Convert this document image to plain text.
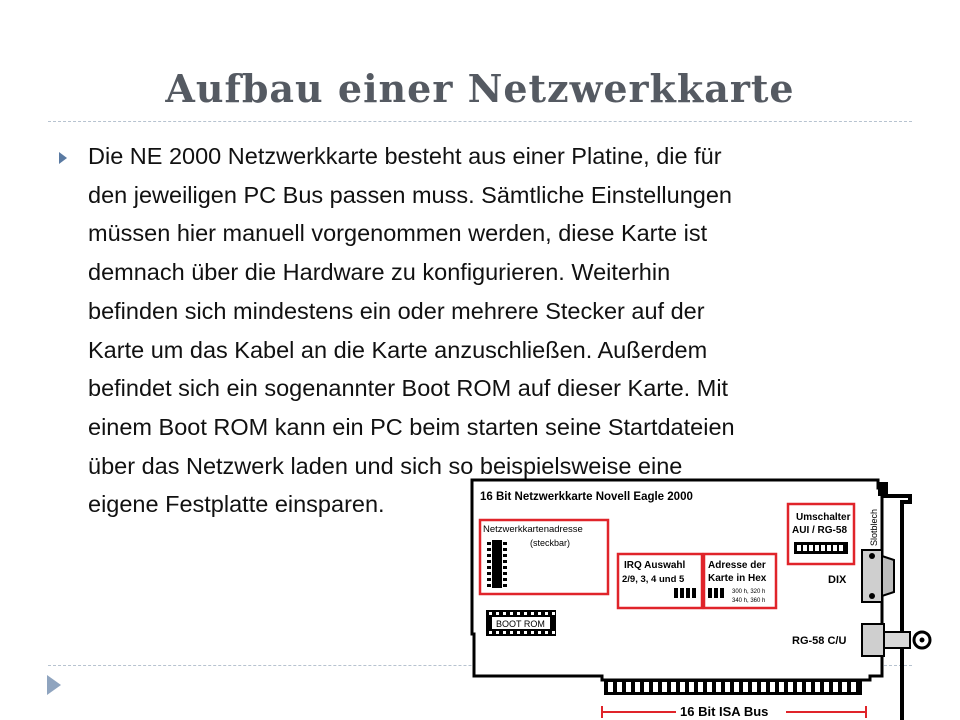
Aufbau einer Netzwerkkarte
Die NE 2000 Netzwerkkarte besteht aus einer Platine, die für
den jeweiligen PC Bus passen muss. Sämtliche Einstellungen
müssen hier manuell vorgenommen werden, diese Karte ist
demnach über die Hardware zu konfigurieren. Weiterhin
befinden sich mindestens ein oder mehrere Stecker auf der
Karte um das Kabel an die Karte anzuschließen. Außerdem
befindet sich ein sogenannter Boot ROM auf dieser Karte. Mit
einem Boot ROM kann ein PC beim starten seine Startdateien
über das Netzwerk laden und sich so beispielsweise eine
eigene Festplatte einsparen.	16 Bit Netzwerkkarte Novell Eagle 2000
Netzwerkkartenadresse
(steckbar)
BOOT ROM
IRQ Auswahl
2/9, 3, 4 und 5
Adresse der
Karte in Hex
300 h, 320 h
340 h, 360 h
Umschalter
AUI / RG-58 Slotblech
DIX
RG-58 C/U
16 Bit ISA Bus
